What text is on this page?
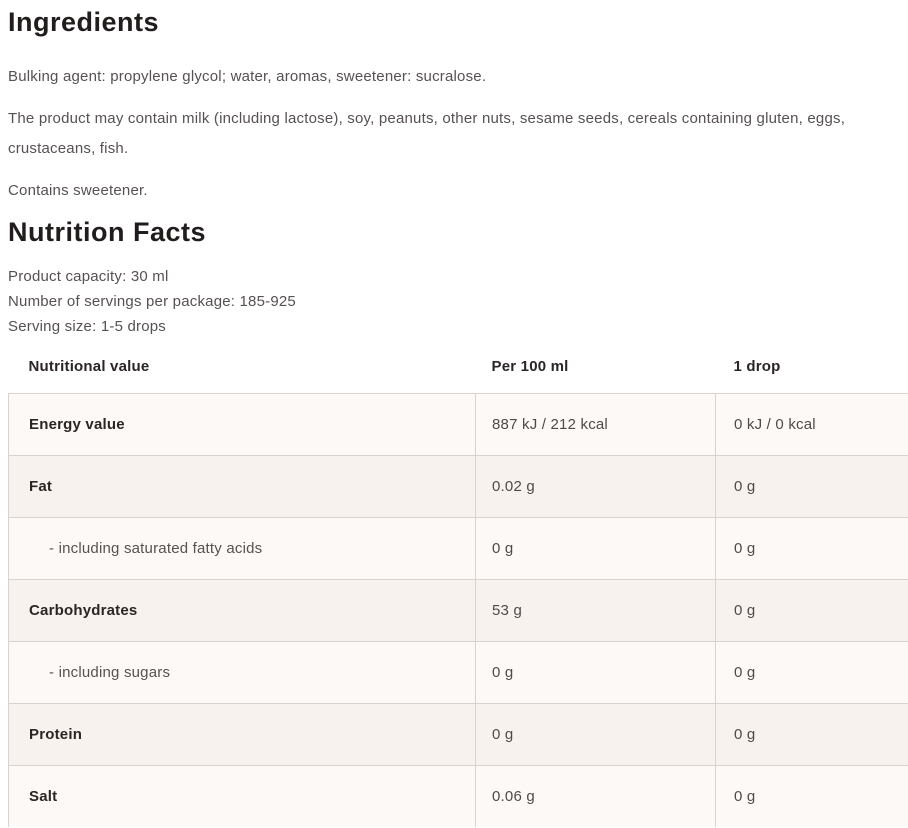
Ingredients

Bulking agent: propylene glycol; water, aromas, sweetener: sucralose.

The product may contain milk (including lactose), soy, peanuts, other nuts, sesame seeds, cereals containing gluten, eggs, crustaceans, fish.

Contains sweetener.

Nutrition Facts
Product capacity: 30 ml
Number of servings per package: 185-925
Serving size: 1-5 drops
Nutritional value	Per 100 ml	1 drop
Energy value	887 kJ / 212 kcal	0 kJ / 0 kcal
Fat	0.02 g	0 g
- including saturated fatty acids	0 g	0 g
Carbohydrates	53 g	0 g
- including sugars	0 g	0 g
Protein	0 g	0 g
Salt	0.06 g	0 g
